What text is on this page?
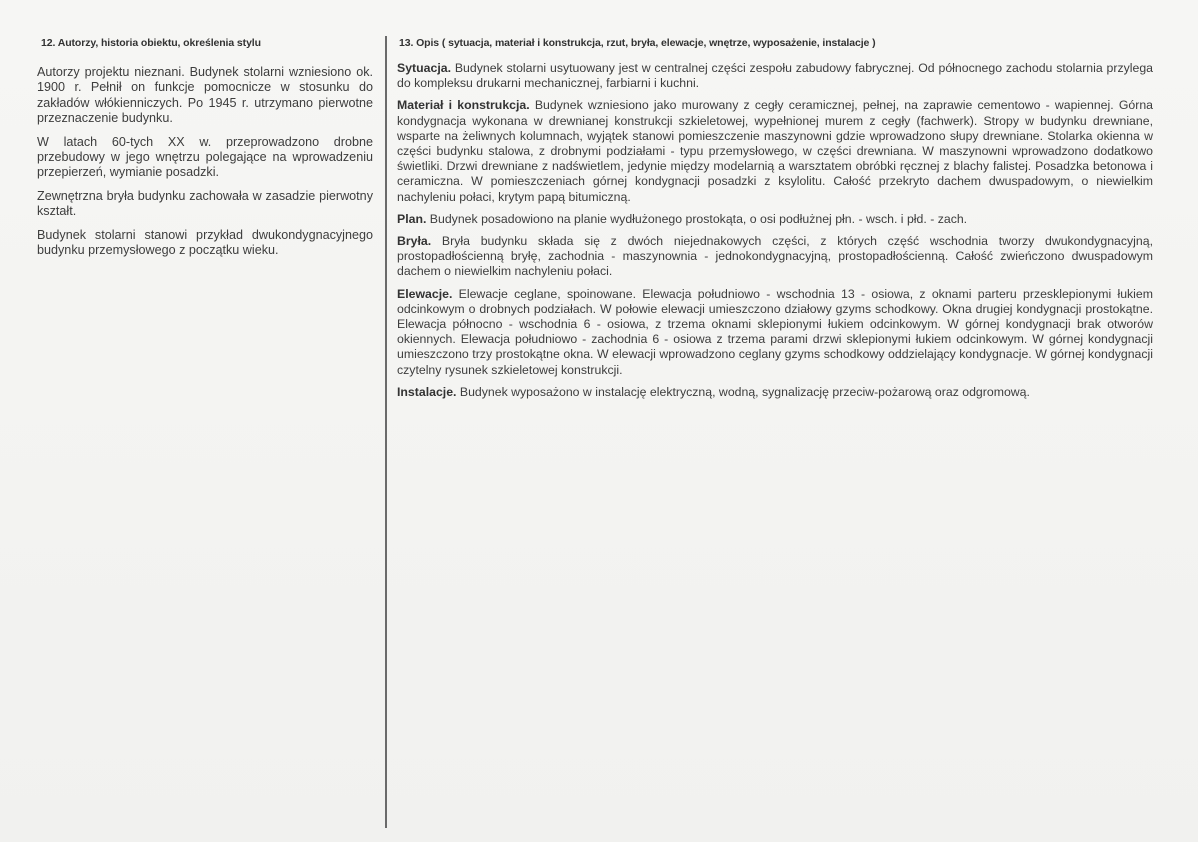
12. Autorzy, historia obiektu, określenia stylu

Autorzy projektu nieznani. Budynek stolarni wzniesiono ok. 1900 r. Pełnił on funkcje pomocnicze w stosunku do zakładów włókienniczych. Po 1945 r. utrzymano pierwotne przeznaczenie budynku.

W latach 60-tych XX w. przeprowadzono drobne przebudowy w jego wnętrzu polegające na wprowadzeniu przepierzeń, wymianie posadzki.

Zewnętrzna bryła budynku zachowała w zasadzie pierwotny kształt.

Budynek stolarni stanowi przykład dwukondygnacyjnego budynku przemysłowego z początku wieku.

13. Opis ( sytuacja, materiał i konstrukcja, rzut, bryła, elewacje, wnętrze, wyposażenie, instalacje )

Sytuacja. Budynek stolarni usytuowany jest w centralnej części zespołu zabudowy fabrycznej. Od północnego zachodu stolarnia przylega do kompleksu drukarni mechanicznej, farbiarni i kuchni.

Materiał i konstrukcja. Budynek wzniesiono jako murowany z cegły ceramicznej, pełnej, na zaprawie cementowo - wapiennej. Górna kondygnacja wykonana w drewnianej konstrukcji szkieletowej, wypełnionej murem z cegły (fachwerk). Stropy w budynku drewniane, wsparte na żeliwnych kolumnach, wyjątek stanowi pomieszczenie maszynowni gdzie wprowadzono słupy drewniane. Stolarka okienna w części budynku stalowa, z drobnymi podziałami - typu przemysłowego, w części drewniana. W maszynowni wprowadzono dodatkowo świetliki. Drzwi drewniane z nadświetlem, jedynie między modelarnią a warsztatem obróbki ręcznej z blachy falistej. Posadzka betonowa i ceramiczna. W pomieszczeniach górnej kondygnacji posadzki z ksylolitu. Całość przekryto dachem dwuspadowym, o niewielkim nachyleniu połaci, krytym papą bitumiczną.

Plan. Budynek posadowiono na planie wydłużonego prostokąta, o osi podłużnej płn. - wsch. i płd. - zach.

Bryła. Bryła budynku składa się z dwóch niejednakowych części, z których część wschodnia tworzy dwukondygnacyjną, prostopadłościenną bryłę, zachodnia - maszynownia - jednokondygnacyjną, prostopadłościenną. Całość zwieńczono dwuspadowym dachem o niewielkim nachyleniu połaci.

Elewacje. Elewacje ceglane, spoinowane. Elewacja południowo - wschodnia 13 - osiowa, z oknami parteru przesklepionymi łukiem odcinkowym o drobnych podziałach. W połowie elewacji umieszczono działowy gzyms schodkowy. Okna drugiej kondygnacji prostokątne. Elewacja północno - wschodnia 6 - osiowa, z trzema oknami sklepionymi łukiem odcinkowym. W górnej kondygnacji brak otworów okiennych. Elewacja południowo - zachodnia 6 - osiowa z trzema parami drzwi sklepionymi łukiem odcinkowym. W górnej kondygnacji umieszczono trzy prostokątne okna. W elewacji wprowadzono ceglany gzyms schodkowy oddzielający kondygnacje. W górnej kondygnacji czytelny rysunek szkieletowej konstrukcji.

Instalacje. Budynek wyposażono w instalację elektryczną, wodną, sygnalizację przeciw-pożarową oraz odgromową.
